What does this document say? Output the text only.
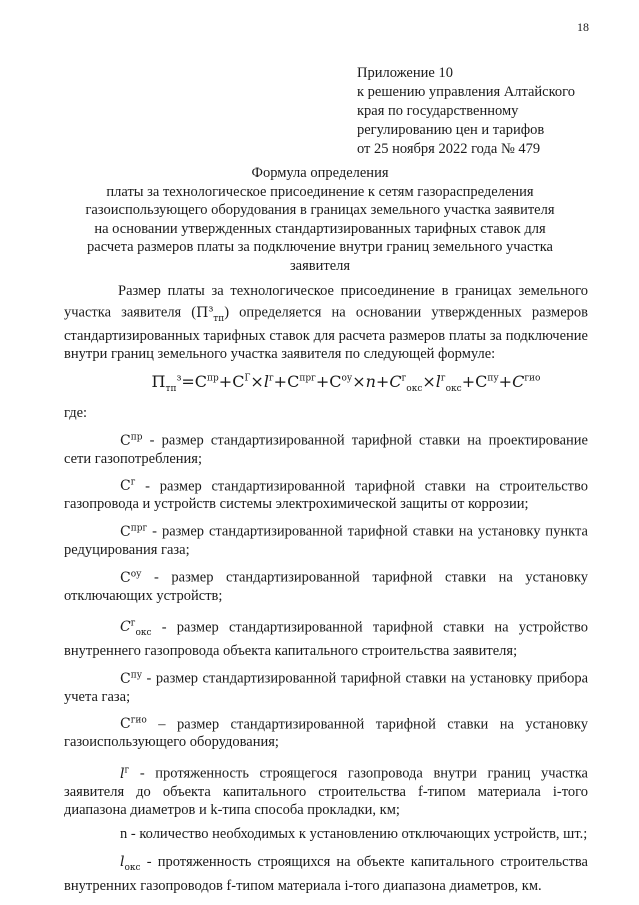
18
Приложение 10
к решению управления Алтайского
края по государственному
регулированию цен и тарифов
от 25 ноября 2022 года № 479
Формула определения
платы за технологическое присоединение к сетям газораспределения
газоиспользующего оборудования в границах земельного участка заявителя
на основании утвержденных стандартизированных тарифных ставок для
расчета размеров платы за подключение внутри границ земельного участка
заявителя

Размер платы за технологическое присоединение в границах земельного участка заявителя $(П^з_{тп})$ определяется на основании утвержденных размеров стандартизированных тарифных ставок для расчета размеров платы за подключение внутри границ земельного участка заявителя по следующей формуле:

$П_{тп}^з=C^{пр}+C^Г\times l^г+C^{прг}+C^{оу}\times n+C^г_{окс}\times l^г_{окс}+C^{пу}+C^{гио}$

где:

$C^{пр}$ - размер стандартизированной тарифной ставки на проектирование сети газопотребления;

$C^г$ - размер стандартизированной тарифной ставки на строительство газопровода и устройств системы электрохимической защиты от коррозии;

$C^{прг}$ - размер стандартизированной тарифной ставки на установку пункта редуцирования газа;

$C^{оу}$ - размер стандартизированной тарифной ставки на установку отключающих устройств;

$C^г_{окс}$ - размер стандартизированной тарифной ставки на устройство внутреннего газопровода объекта капитального строительства заявителя;

$C^{пу}$ - размер стандартизированной тарифной ставки на установку прибора учета газа;

$C^{гио}$ – размер стандартизированной тарифной ставки на установку газоиспользующего оборудования;

$l^г$ - протяженность строящегося газопровода внутри границ участка заявителя до объекта капитального строительства f-типом материала i-того диапазона диаметров и k-типа способа прокладки, км;

n - количество необходимых к установлению отключающих устройств, шт.;

$l_{окс}$ - протяженность строящихся на объекте капитального строительства внутренних газопроводов f-типом материала i-того диапазона диаметров, км.
